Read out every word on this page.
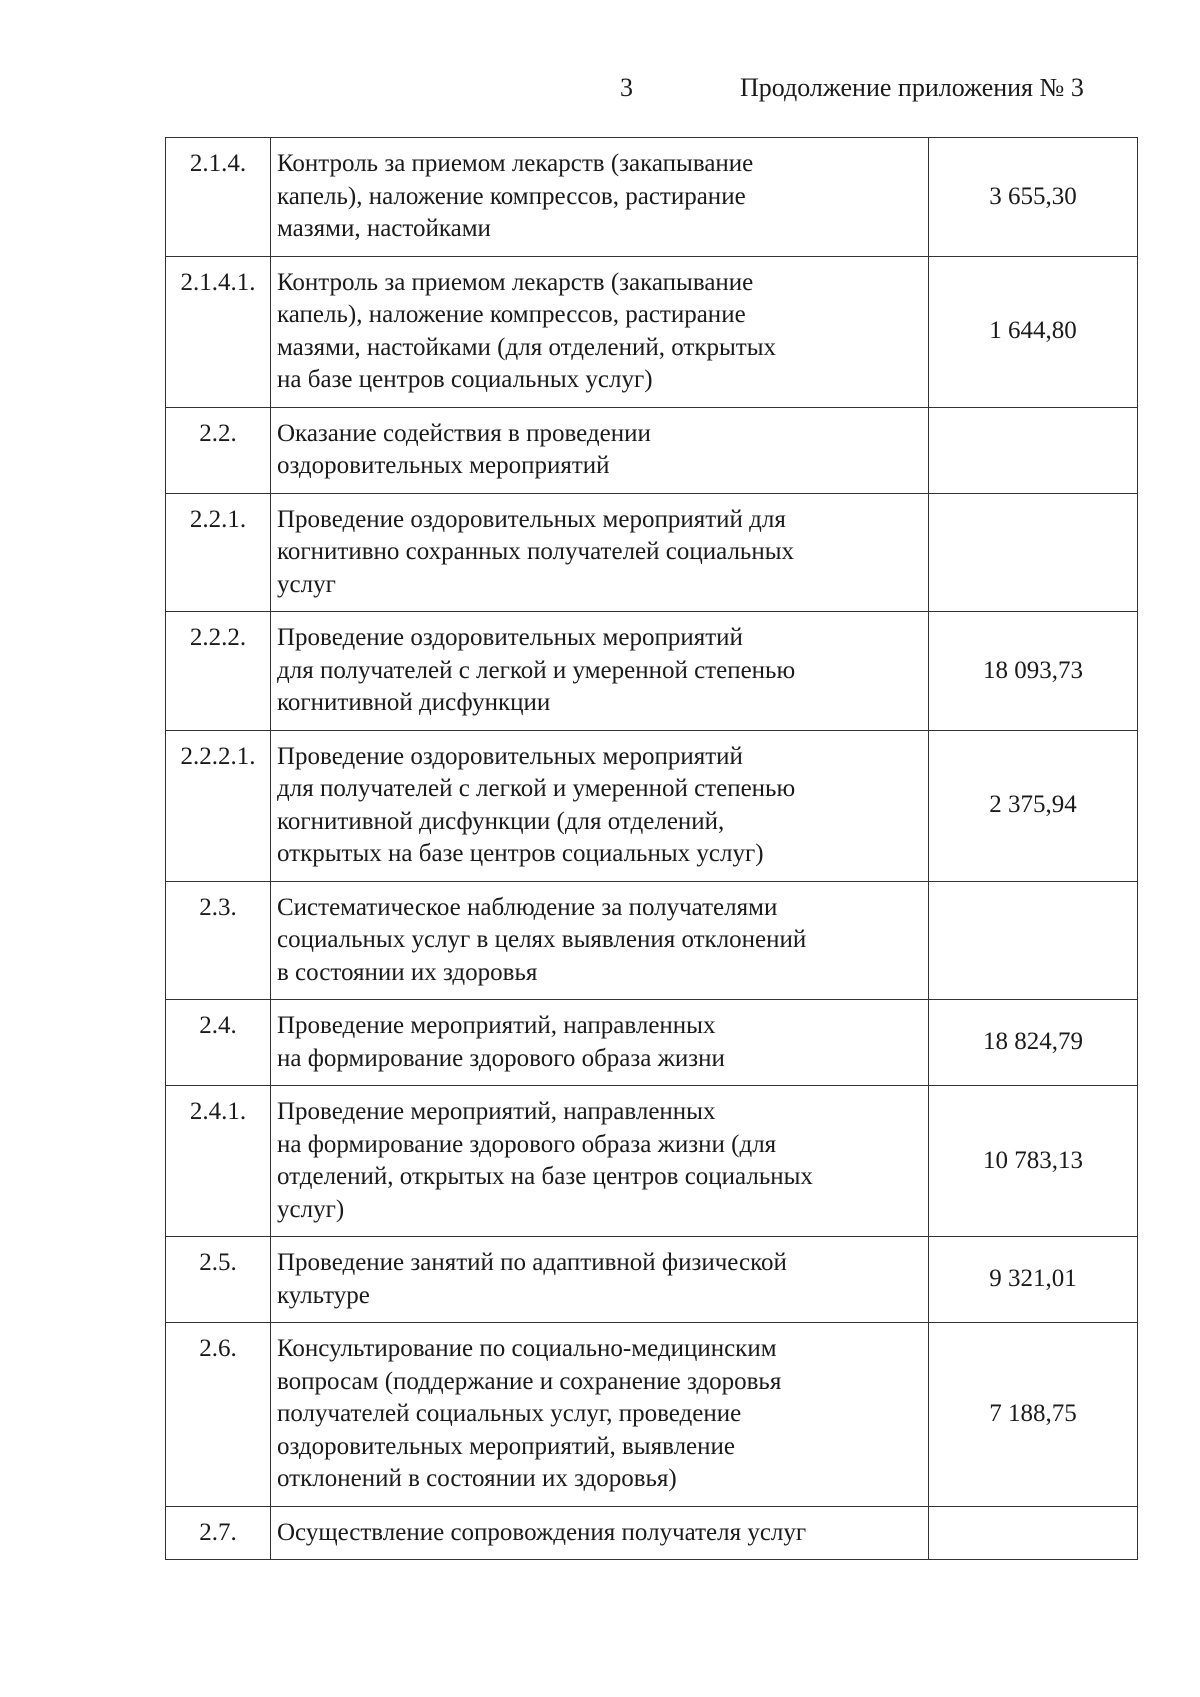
3	Продолжение приложения № 3
2.1.4.	Контроль за приемом лекарств (закапывание
капель), наложение компрессов, растирание
мазями, настойками	3 655,30
2.1.4.1.	Контроль за приемом лекарств (закапывание
капель), наложение компрессов, растирание
мазями, настойками (для отделений, открытых
на базе центров социальных услуг)	1 644,80
2.2.	Оказание содействия в проведении
оздоровительных мероприятий	

2.2.1.	Проведение оздоровительных мероприятий для
когнитивно сохранных получателей социальных
услуг	

2.2.2.	Проведение оздоровительных мероприятий
для получателей с легкой и умеренной степенью
когнитивной дисфункции	18 093,73
2.2.2.1.	Проведение оздоровительных мероприятий
для получателей с легкой и умеренной степенью
когнитивной дисфункции (для отделений,
открытых на базе центров социальных услуг)	2 375,94
2.3.	Систематическое наблюдение за получателями
социальных услуг в целях выявления отклонений
в состоянии их здоровья	

2.4.	Проведение мероприятий, направленных
на формирование здорового образа жизни	18 824,79
2.4.1.	Проведение мероприятий, направленных
на формирование здорового образа жизни (для
отделений, открытых на базе центров социальных
услуг)	10 783,13
2.5.	Проведение занятий по адаптивной физической
культуре	9 321,01
2.6.	Консультирование по социально-медицинским
вопросам (поддержание и сохранение здоровья
получателей социальных услуг, проведение
оздоровительных мероприятий, выявление
отклонений в состоянии их здоровья)	7 188,75
2.7.	Осуществление сопровождения получателя услуг	
